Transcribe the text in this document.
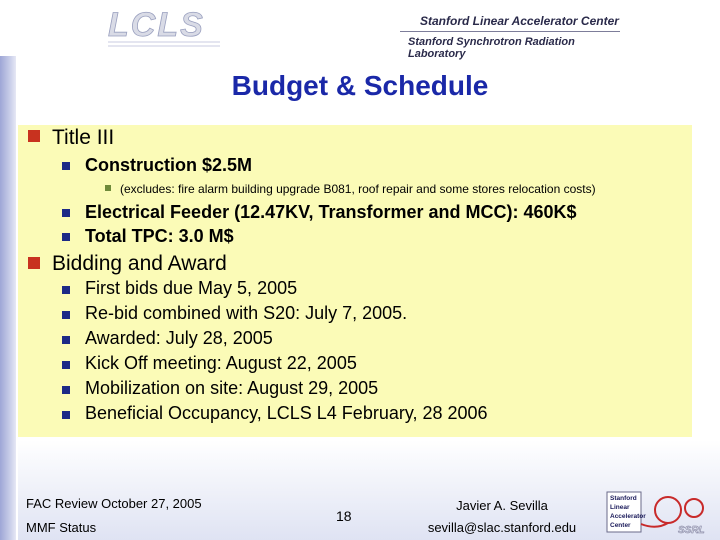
LCLS	Stanford Linear Accelerator Center
Stanford Synchrotron Radiation Laboratory
Budget & Schedule
Title III
Construction $2.5M
(excludes: fire alarm building upgrade B081, roof repair and some stores relocation costs)
Electrical Feeder (12.47KV, Transformer and MCC): 460K$
Total TPC: 3.0 M$
Bidding and Award
First bids due May 5, 2005
Re-bid combined with S20: July 7, 2005.
Awarded: July 28, 2005
Kick Off meeting: August 22, 2005
Mobilization on site: August 29, 2005
Beneficial Occupancy, LCLS L4 February, 28 2006
FAC Review October 27, 2005
MMF Status
18
Javier A. Sevilla
sevilla@slac.stanford.edu
Stanford
Linear
Accelerator
Center	SSRL
